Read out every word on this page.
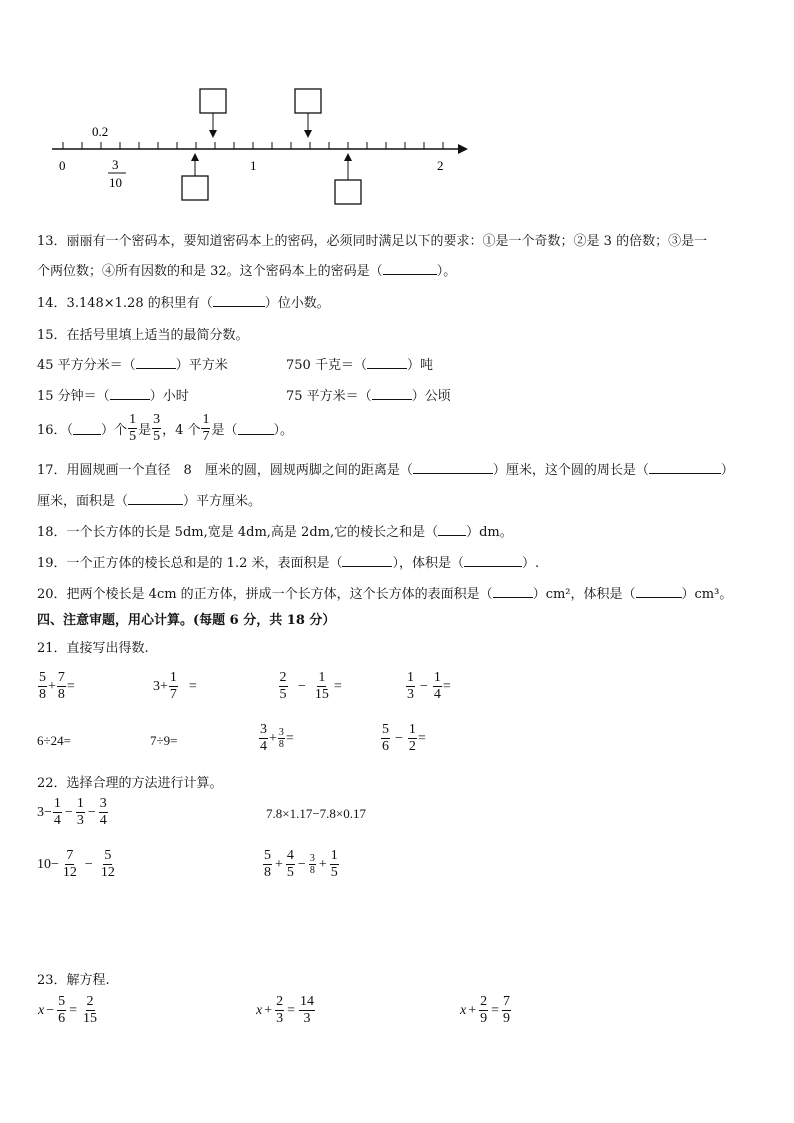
0.2
0	1	2
3
10
13．丽丽有一个密码本，要知道密码本上的密码，必须同时满足以下的要求：①是一个奇数；②是 3 的倍数；③是一
个两位数；④所有因数的和是 32。这个密码本上的密码是（	）。
14．3.148×1.28 的积里有（	）位小数。
15．在括号里填上适当的最简分数。
45 平方分米＝（	）平方米	750 千克＝（	）吨
15 分钟＝（	）小时	75 平方米＝（	）公顷
16．（ ）个 $\frac{1}{5}$ 是 $\frac{3}{5}$ ，4 个 $\frac{1}{7}$ 是（	）。
17．用圆规画一个直径　8　厘米的圆，圆规两脚之间的距离是（	）厘米，这个圆的周长是（	）
厘米，面积是（	）平方厘米。
18．一个长方体的长是 5dm,宽是 4dm,高是 2dm,它的棱长之和是（ ）dm。
19．一个正方体的棱长总和是的 1.2 米，表面积是（	），体积是（	）.
20．把两个棱长是 4cm 的正方体，拼成一个长方体，这个长方体的表面积是（	）cm²，体积是（	）cm³。
四、注意审题，用心计算。(每题 6 分，共 18 分）
21．直接写出得数.
$\frac{5}{8} + \frac{7}{8}$ =	$3+ \frac{1}{7}$ =	$\frac{2}{5} - \frac{1}{15}$ =	$\frac{1}{3} - \frac{1}{4}$ =
6÷24=	7÷9=	$\frac{3}{4} + \frac{3}{8}$ =	$\frac{5}{6} - \frac{1}{2}$ =
22．选择合理的方法进行计算。
$3- \frac{1}{4} - \frac{1}{3} - \frac{3}{4}$	7.8×1.17−7.8×0.17
$10- \frac{7}{12} - \frac{5}{12}$	$\frac{5}{8} + \frac{4}{5} - \frac{3}{8} + \frac{1}{5}$
23．解方程.
$x - \frac{5}{6} = \frac{2}{15}$	$x + \frac{2}{3} = \frac{14}{3}$	$x + \frac{2}{9} = \frac{7}{9}$
